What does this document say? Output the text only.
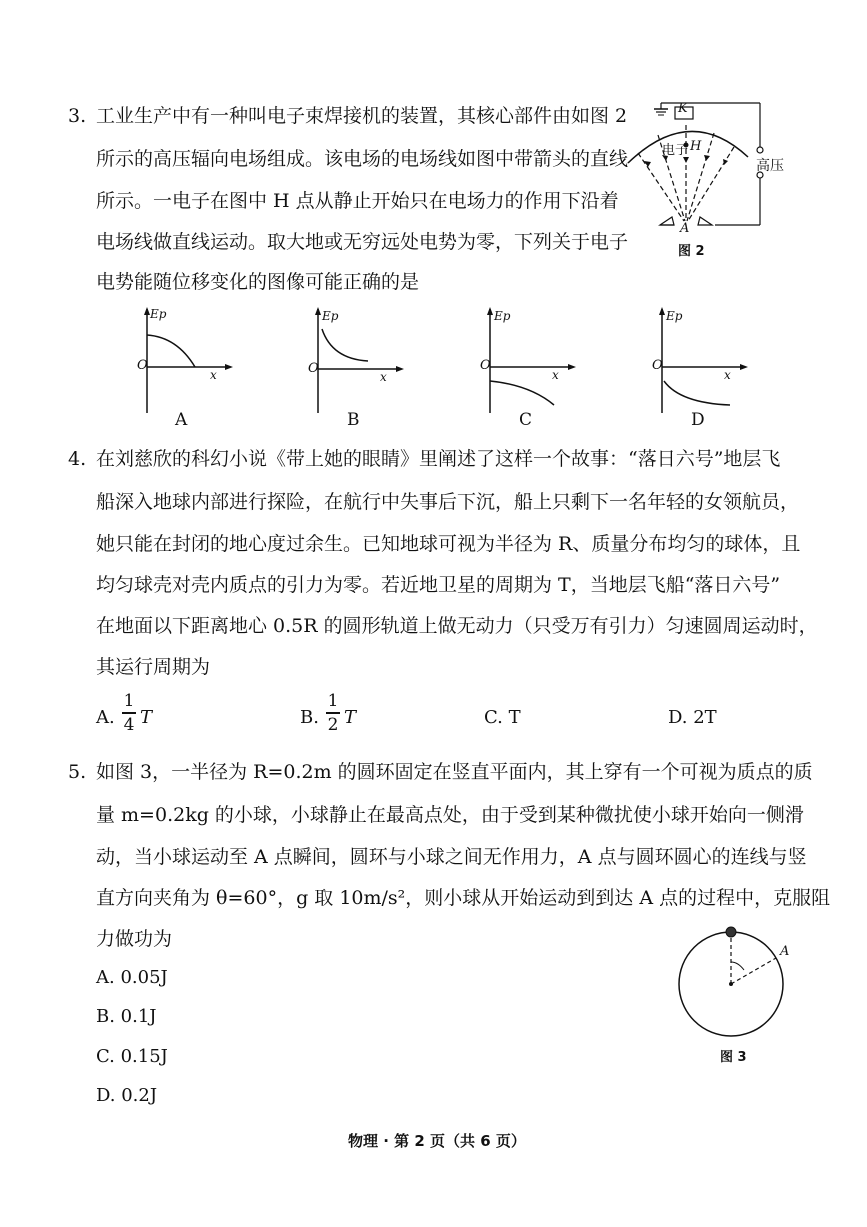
3. 工业生产中有一种叫电子束焊接机的装置，其核心部件由如图 2
所示的高压辐向电场组成。该电场的电场线如图中带箭头的直线
所示。一电子在图中 H 点从静止开始只在电场力的作用下沿着
电场线做直线运动。取大地或无穷远处电势为零，下列关于电子
电势能随位移变化的图像可能正确的是
K
电子 H
高压
A
图 2
Ep
O
x
A
Ep
O
x
B
Ep
O
x
C
Ep
O
x
D
4. 在刘慈欣的科幻小说《带上她的眼睛》里阐述了这样一个故事：“落日六号”地层飞
船深入地球内部进行探险，在航行中失事后下沉，船上只剩下一名年轻的女领航员，
她只能在封闭的地心度过余生。已知地球可视为半径为 R、质量分布均匀的球体，且
均匀球壳对壳内质点的引力为零。若近地卫星的周期为 T，当地层飞船“落日六号”
在地面以下距离地心 0.5R 的圆形轨道上做无动力（只受万有引力）匀速圆周运动时，
其运行周期为
A.
1
4 T	B.
1
2 T	C. T	D. 2T
5. 如图 3，一半径为 R=0.2m 的圆环固定在竖直平面内，其上穿有一个可视为质点的质
量 m=0.2kg 的小球，小球静止在最高点处，由于受到某种微扰使小球开始向一侧滑
动，当小球运动至 A 点瞬间，圆环与小球之间无作用力，A 点与圆环圆心的连线与竖
直方向夹角为 θ=60°，g 取 10m/s²，则小球从开始运动到到达 A 点的过程中，克服阻
力做功为
A. 0.05J
B. 0.1J
C. 0.15J
D. 0.2J
A
图 3
物理 · 第 2 页（共 6 页）
